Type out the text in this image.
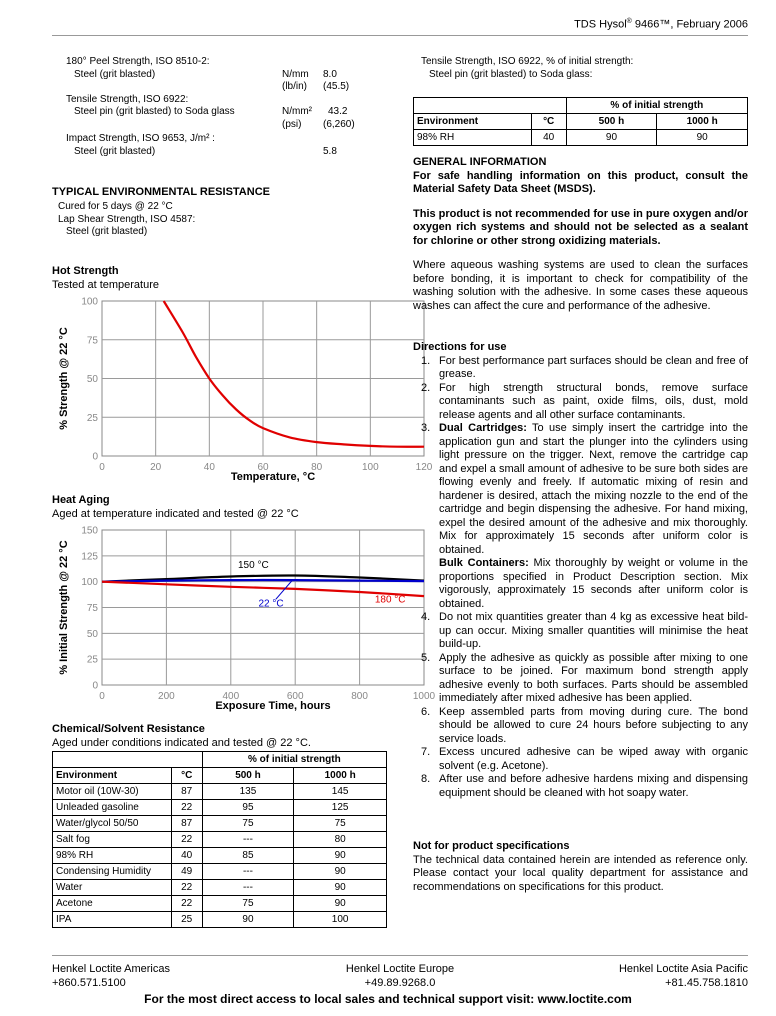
TDS Hysol® 9466™, February 2006
180° Peel Strength, ISO 8510-2:
Steel (grit blasted)	N/mm 8.0
(lb/in) (45.5)
Tensile Strength, ISO 6922:
Steel pin (grit blasted) to Soda glass	N/mm² 43.2
(psi) (6,260)
Impact Strength, ISO 9653, J/m² :
Steel (grit blasted)	5.8
TYPICAL ENVIRONMENTAL RESISTANCE
Cured for 5 days @ 22 °C
Lap Shear Strength, ISO 4587:
Steel (grit blasted)
Hot Strength
Tested at temperature
0	20	40	60	80	100	120
0
25
50
75
100
Temperature, °C
% Strength @ 22 °C
Heat Aging
Aged at temperature indicated and tested @ 22 °C
0	200	400	600	800	1000
0
25
50
75
100
125
150
Exposure Time, hours
% Initial Strength @ 22 °C	150 °C
22 °C	180 °C
Chemical/Solvent Resistance
Aged under conditions indicated and tested @ 22 °C.
		% of initial strength	
Environment	°C	500 h	1000 h
Motor oil (10W-30)	87	135	145
Unleaded gasoline	22	95	125
Water/glycol 50/50	87	75	75
Salt fog	22	---	80
98% RH	40	85	90
Condensing Humidity	49	---	90
Water	22	---	90
Acetone	22	75	90
IPA	25	90	100
Tensile Strength, ISO 6922, % of initial strength:
Steel pin (grit blasted) to Soda glass:
		% of initial strength	
Environment	°C	500 h	1000 h
98% RH	40	90	90
GENERAL INFORMATION
For safe handling information on this product, consult the Material Safety Data Sheet (MSDS).
This product is not recommended for use in pure oxygen and/or oxygen rich systems and should not be selected as a sealant for chlorine or other strong oxidizing materials.
Where aqueous washing systems are used to clean the surfaces before bonding, it is important to check for compatibility of the washing solution with the adhesive. In some cases these aqueous washes can affect the cure and performance of the adhesive.
Directions for use
1. For best performance part surfaces should be clean and free of grease.
2. For high strength structural bonds, remove surface contaminants such as paint, oxide films, oils, dust, mold release agents and all other surface contaminants.
3. Dual Cartridges: To use simply insert the cartridge into the application gun and start the plunger into the cylinders using light pressure on the trigger. Next, remove the cartridge cap and expel a small amount of adhesive to be sure both sides are flowing evenly and freely. If automatic mixing of resin and hardener is desired, attach the mixing nozzle to the end of the cartridge and begin dispensing the adhesive. For hand mixing, expel the desired amount of the adhesive and mix thoroughly. Mix for approximately 15 seconds after uniform color is obtained.
Bulk Containers: Mix thoroughly by weight or volume in the proportions specified in Product Description section. Mix vigorously, approximately 15 seconds after uniform color is obtained.
4. Do not mix quantities greater than 4 kg as excessive heat bild-up can occur. Mixing smaller quantities will minimise the heat build-up.
5. Apply the adhesive as quickly as possible after mixing to one surface to be joined. For maximum bond strength apply adhesive evenly to both surfaces. Parts should be assembled immediately after mixed adhesive has been applied.
6. Keep assembled parts from moving during cure. The bond should be allowed to cure 24 hours before subjecting to any service loads.
7. Excess uncured adhesive can be wiped away with organic solvent (e.g. Acetone).
8. After use and before adhesive hardens mixing and dispensing equipment should be cleaned with hot soapy water.
Not for product specifications
The technical data contained herein are intended as reference only. Please contact your local quality department for assistance and recommendations on specifications for this product.
Henkel Loctite Americas
+860.571.5100
Henkel Loctite Europe
+49.89.9268.0
Henkel Loctite Asia Pacific
+81.45.758.1810
For the most direct access to local sales and technical support visit: www.loctite.com
